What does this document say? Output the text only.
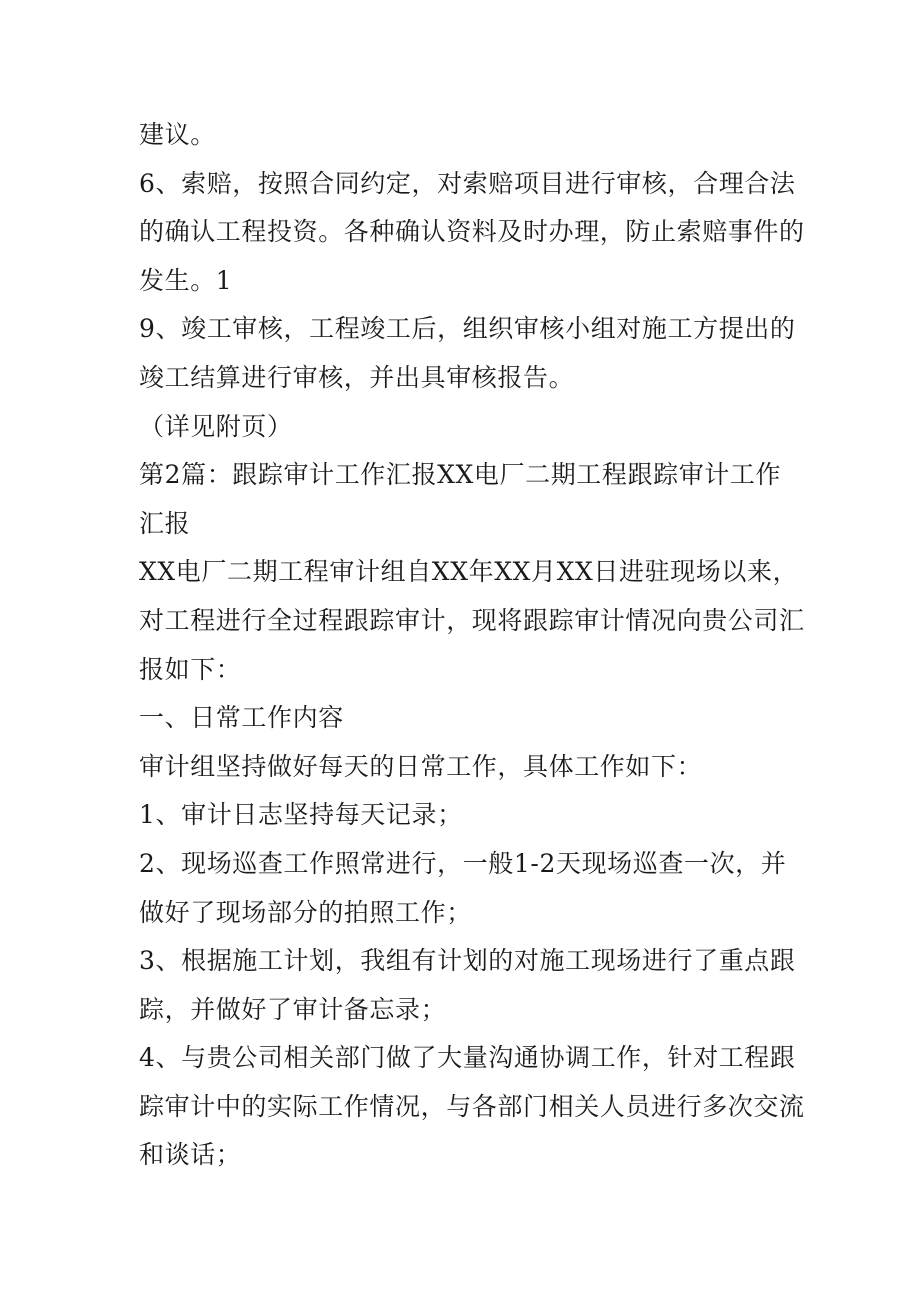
建议。
6、索赔，按照合同约定，对索赔项目进行审核，合理合法
的确认工程投资。各种确认资料及时办理，防止索赔事件的
发生。1
9、竣工审核，工程竣工后，组织审核小组对施工方提出的
竣工结算进行审核，并出具审核报告。
（详见附页）
第2篇：跟踪审计工作汇报XX电厂二期工程跟踪审计工作
汇报
XX电厂二期工程审计组自XX年XX月XX日进驻现场以来，
对工程进行全过程跟踪审计，现将跟踪审计情况向贵公司汇
报如下：
一、日常工作内容
审计组坚持做好每天的日常工作，具体工作如下：
1、审计日志坚持每天记录；
2、现场巡查工作照常进行，一般1-2天现场巡查一次，并
做好了现场部分的拍照工作；
3、根据施工计划，我组有计划的对施工现场进行了重点跟
踪，并做好了审计备忘录；
4、与贵公司相关部门做了大量沟通协调工作，针对工程跟
踪审计中的实际工作情况，与各部门相关人员进行多次交流
和谈话；
